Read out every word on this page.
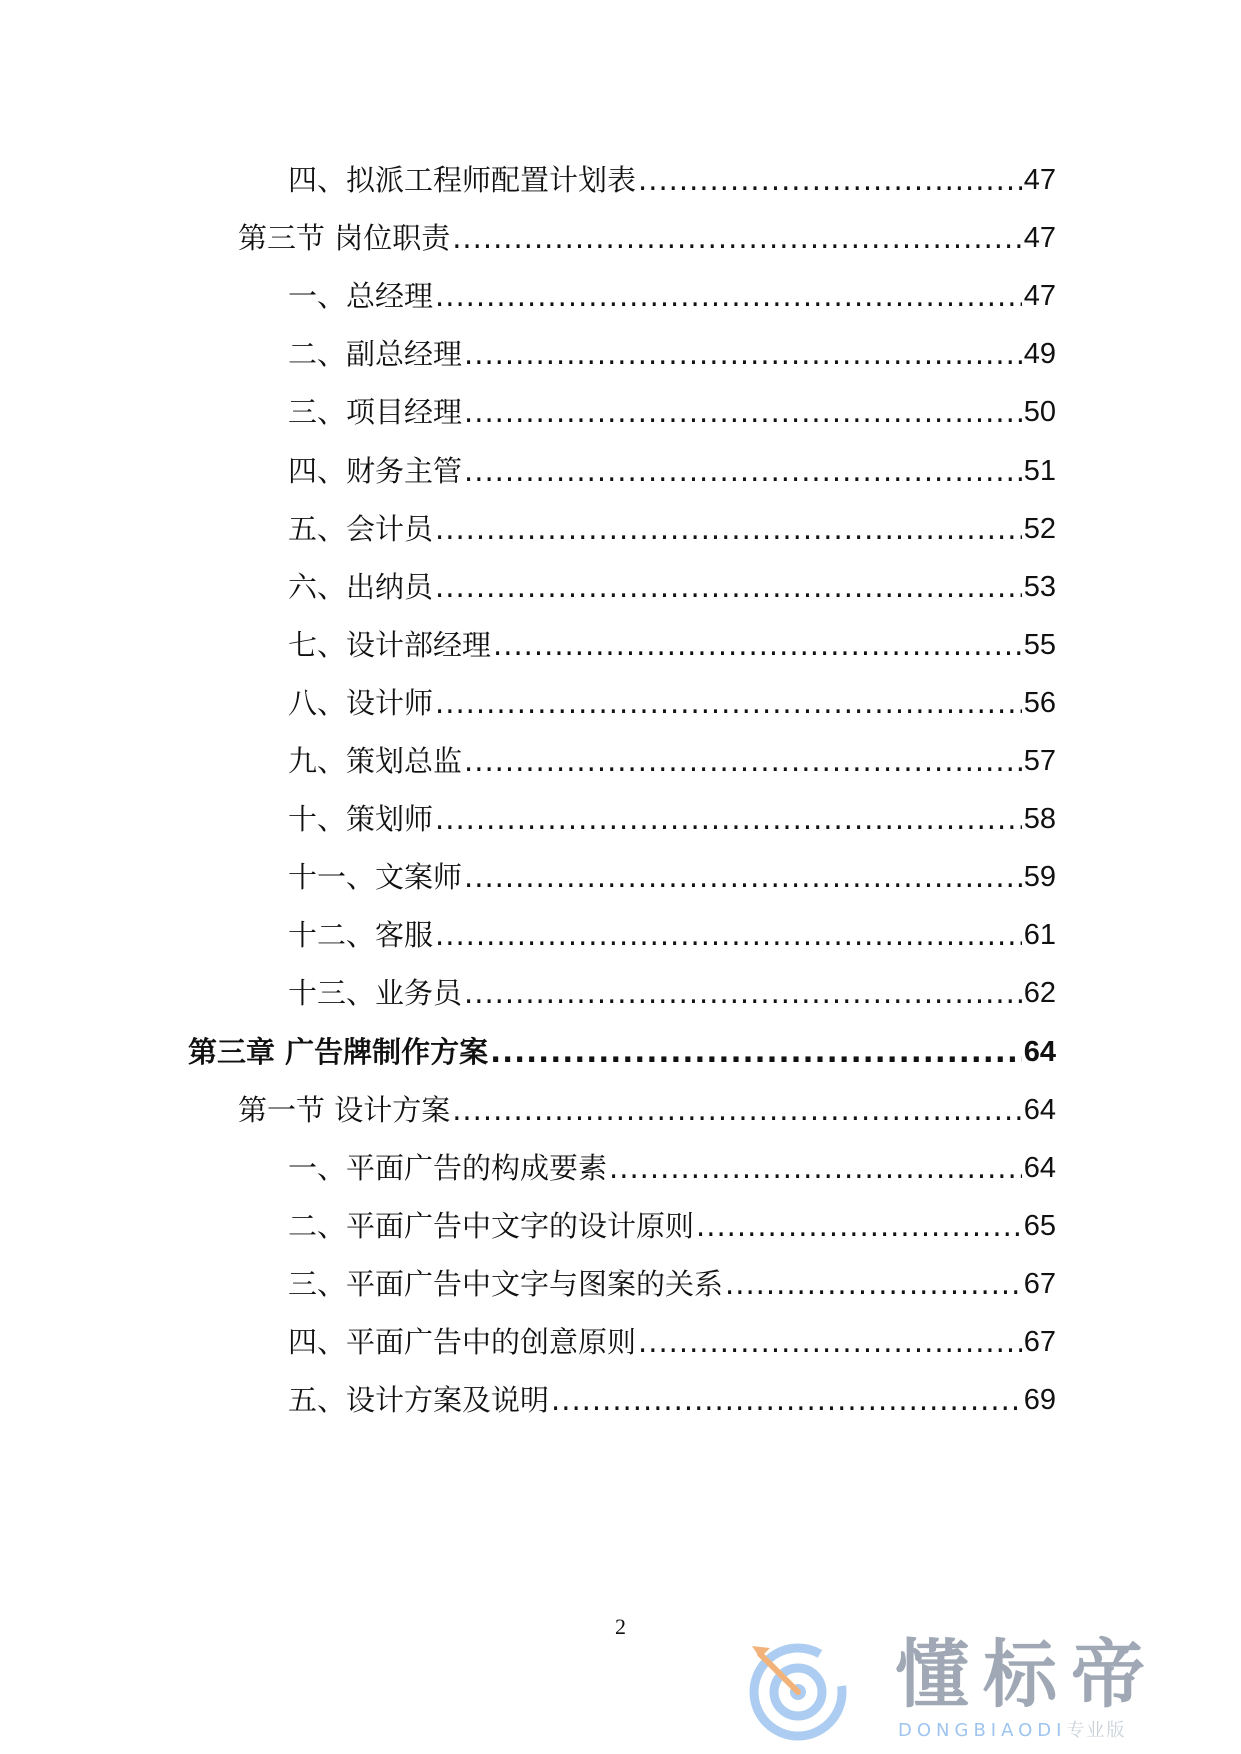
四、拟派工程师配置计划表 .....	47
第三节 岗位职责 .....	47
一、总经理 .....	47
二、副总经理 .....	49
三、项目经理 .....	50
四、财务主管 .....	51
五、会计员 .....	52
六、出纳员 .....	53
七、设计部经理 .....	55
八、设计师 .....	56
九、策划总监 .....	57
十、策划师 .....	58
十一、文案师 .....	59
十二、客服 .....	61
十三、业务员 .....	62
第三章 广告牌制作方案 .....	64
第一节 设计方案 .....	64
一、平面广告的构成要素 .....	64
二、平面广告中文字的设计原则 .....	65
三、平面广告中文字与图案的关系 .....	67
四、平面广告中的创意原则 .....	67
五、设计方案及说明 .....	69
2
懂标帝
DONGBIAODI专业版
